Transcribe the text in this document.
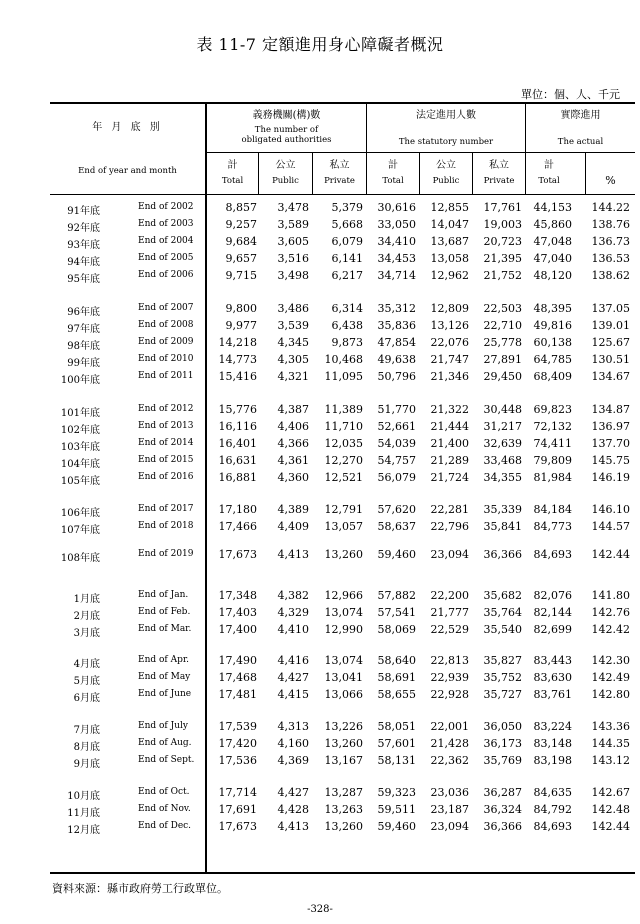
表 11-7 定額進用身心障礙者概況
單位：個、人、千元
年 月 底 別
End of year and month
義務機關(構)數
The number of
obligated authorities
法定進用人數
The statutory number
實際進用
The actual
計
Total
公立
Public
私立
Private
計
Total
公立
Public
私立
Private
計
Total	%
91年底	End of 2002	8,857 3,478 5,379 30,616 12,855 17,761 44,153 144.22
92年底	End of 2003	9,257 3,589 5,668 33,050 14,047 19,003 45,860 138.76
93年底	End of 2004	9,684 3,605 6,079 34,410 13,687 20,723 47,048 136.73
94年底	End of 2005	9,657 3,516 6,141 34,453 13,058 21,395 47,040 136.53
95年底	End of 2006	9,715 3,498 6,217 34,714 12,962 21,752 48,120 138.62
96年底	End of 2007	9,800 3,486 6,314 35,312 12,809 22,503 48,395 137.05
97年底	End of 2008	9,977 3,539 6,438 35,836 13,126 22,710 49,816 139.01
98年底	End of 2009 14,218 4,345 9,873 47,854 22,076 25,778 60,138 125.67
99年底	End of 2010 14,773 4,305 10,468 49,638 21,747 27,891 64,785 130.51
100年底	End of 2011 15,416 4,321 11,095 50,796 21,346 29,450 68,409 134.67
101年底	End of 2012 15,776 4,387 11,389 51,770 21,322 30,448 69,823 134.87
102年底	End of 2013 16,116 4,406 11,710 52,661 21,444 31,217 72,132 136.97
103年底	End of 2014 16,401 4,366 12,035 54,039 21,400 32,639 74,411 137.70
104年底	End of 2015 16,631 4,361 12,270 54,757 21,289 33,468 79,809 145.75
105年底	End of 2016 16,881 4,360 12,521 56,079 21,724 34,355 81,984 146.19
106年底	End of 2017 17,180 4,389 12,791 57,620 22,281 35,339 84,184 146.10
107年底	End of 2018 17,466 4,409 13,057 58,637 22,796 35,841 84,773 144.57
108年底	End of 2019 17,673 4,413 13,260 59,460 23,094 36,366 84,693 142.44
1月底	End of Jan.	17,348 4,382 12,966 57,882 22,200 35,682 82,076 141.80
2月底	End of Feb.	17,403 4,329 13,074 57,541 21,777 35,764 82,144 142.76
3月底	End of Mar. 17,400 4,410 12,990 58,069 22,529 35,540 82,699 142.42
4月底	End of Apr.	17,490 4,416 13,074 58,640 22,813 35,827 83,443 142.30
5月底	End of May	17,468 4,427 13,041 58,691 22,939 35,752 83,630 142.49
6月底	End of June 17,481 4,415 13,066 58,655 22,928 35,727 83,761 142.80
7月底	End of July	17,539 4,313 13,226 58,051 22,001 36,050 83,224 143.36
8月底	End of Aug. 17,420 4,160 13,260 57,601 21,428 36,173 83,148 144.35
9月底	End of Sept. 17,536 4,369 13,167 58,131 22,362 35,769 83,198 143.12
10月底	End of Oct.	17,714 4,427 13,287 59,323 23,036 36,287 84,635 142.67
11月底	End of Nov.	17,691 4,428 13,263 59,511 23,187 36,324 84,792 142.48
12月底	End of Dec. 17,673 4,413 13,260 59,460 23,094 36,366 84,693 142.44
資料來源：縣市政府勞工行政單位。
-328-
